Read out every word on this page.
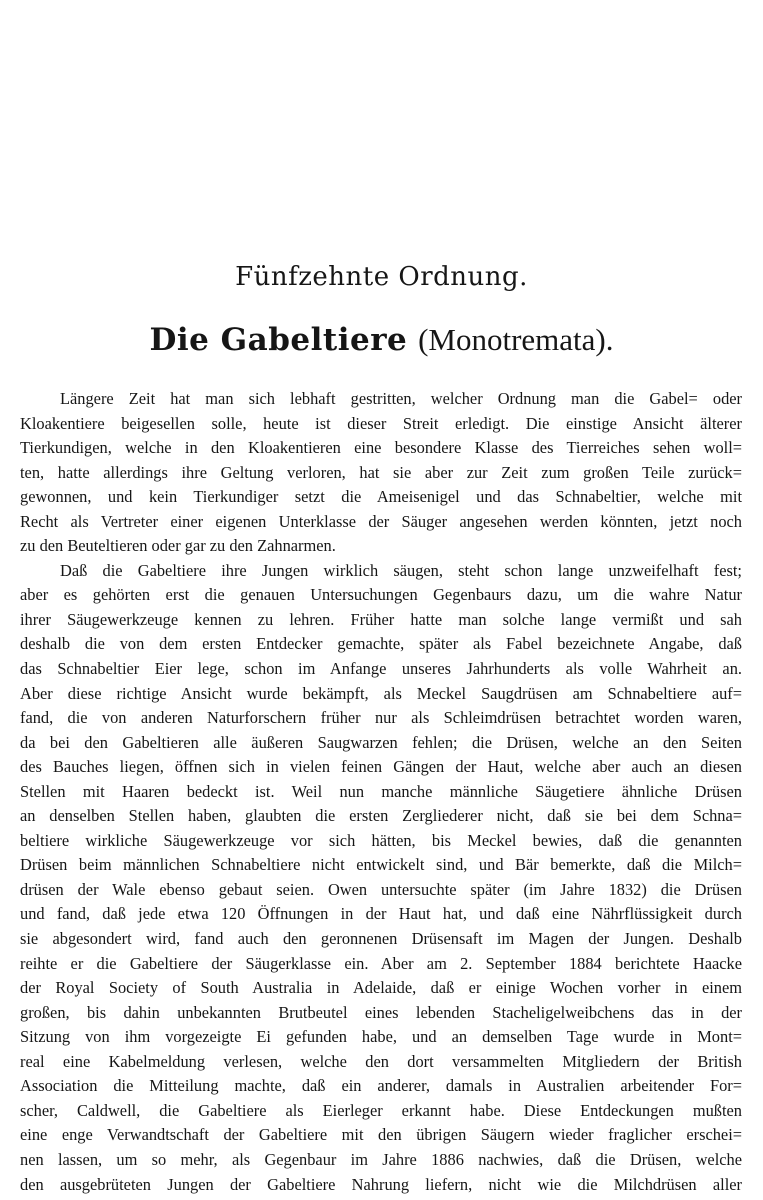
Fünfzehnte Ordnung.
Die Gabeltiere (Monotremata).
Längere Zeit hat man sich lebhaft gestritten, welcher Ordnung man die Gabel= oder
Kloakentiere beigesellen solle, heute ist dieser Streit erledigt. Die einstige Ansicht älterer
Tierkundigen, welche in den Kloakentieren eine besondere Klasse des Tierreiches sehen woll=
ten, hatte allerdings ihre Geltung verloren, hat sie aber zur Zeit zum großen Teile zurück=
gewonnen, und kein Tierkundiger setzt die Ameisenigel und das Schnabeltier, welche mit
Recht als Vertreter einer eigenen Unterklasse der Säuger angesehen werden könnten, jetzt noch
zu den Beuteltieren oder gar zu den Zahnarmen.
Daß die Gabeltiere ihre Jungen wirklich säugen, steht schon lange unzweifelhaft fest;
aber es gehörten erst die genauen Untersuchungen Gegenbaurs dazu, um die wahre Natur
ihrer Säugewerkzeuge kennen zu lehren. Früher hatte man solche lange vermißt und sah
deshalb die von dem ersten Entdecker gemachte, später als Fabel bezeichnete Angabe, daß
das Schnabeltier Eier lege, schon im Anfange unseres Jahrhunderts als volle Wahrheit an.
Aber diese richtige Ansicht wurde bekämpft, als Meckel Saugdrüsen am Schnabeltiere auf=
fand, die von anderen Naturforschern früher nur als Schleimdrüsen betrachtet worden waren,
da bei den Gabeltieren alle äußeren Saugwarzen fehlen; die Drüsen, welche an den Seiten
des Bauches liegen, öffnen sich in vielen feinen Gängen der Haut, welche aber auch an diesen
Stellen mit Haaren bedeckt ist. Weil nun manche männliche Säugetiere ähnliche Drüsen
an denselben Stellen haben, glaubten die ersten Zergliederer nicht, daß sie bei dem Schna=
beltiere wirkliche Säugewerkzeuge vor sich hätten, bis Meckel bewies, daß die genannten
Drüsen beim männlichen Schnabeltiere nicht entwickelt sind, und Bär bemerkte, daß die Milch=
drüsen der Wale ebenso gebaut seien. Owen untersuchte später (im Jahre 1832) die Drüsen
und fand, daß jede etwa 120 Öffnungen in der Haut hat, und daß eine Nährflüssigkeit durch
sie abgesondert wird, fand auch den geronnenen Drüsensaft im Magen der Jungen. Deshalb
reihte er die Gabeltiere der Säugerklasse ein. Aber am 2. September 1884 berichtete Haacke
der Royal Society of South Australia in Adelaide, daß er einige Wochen vorher in einem
großen, bis dahin unbekannten Brutbeutel eines lebenden Stacheligelweibchens das in der
Sitzung von ihm vorgezeigte Ei gefunden habe, und an demselben Tage wurde in Mont=
real eine Kabelmeldung verlesen, welche den dort versammelten Mitgliedern der British
Association die Mitteilung machte, daß ein anderer, damals in Australien arbeitender For=
scher, Caldwell, die Gabeltiere als Eierleger erkannt habe. Diese Entdeckungen mußten
eine enge Verwandtschaft der Gabeltiere mit den übrigen Säugern wieder fraglicher erschei=
nen lassen, um so mehr, als Gegenbaur im Jahre 1886 nachwies, daß die Drüsen, welche
den ausgebrüteten Jungen der Gabeltiere Nahrung liefern, nicht wie die Milchdrüsen aller
